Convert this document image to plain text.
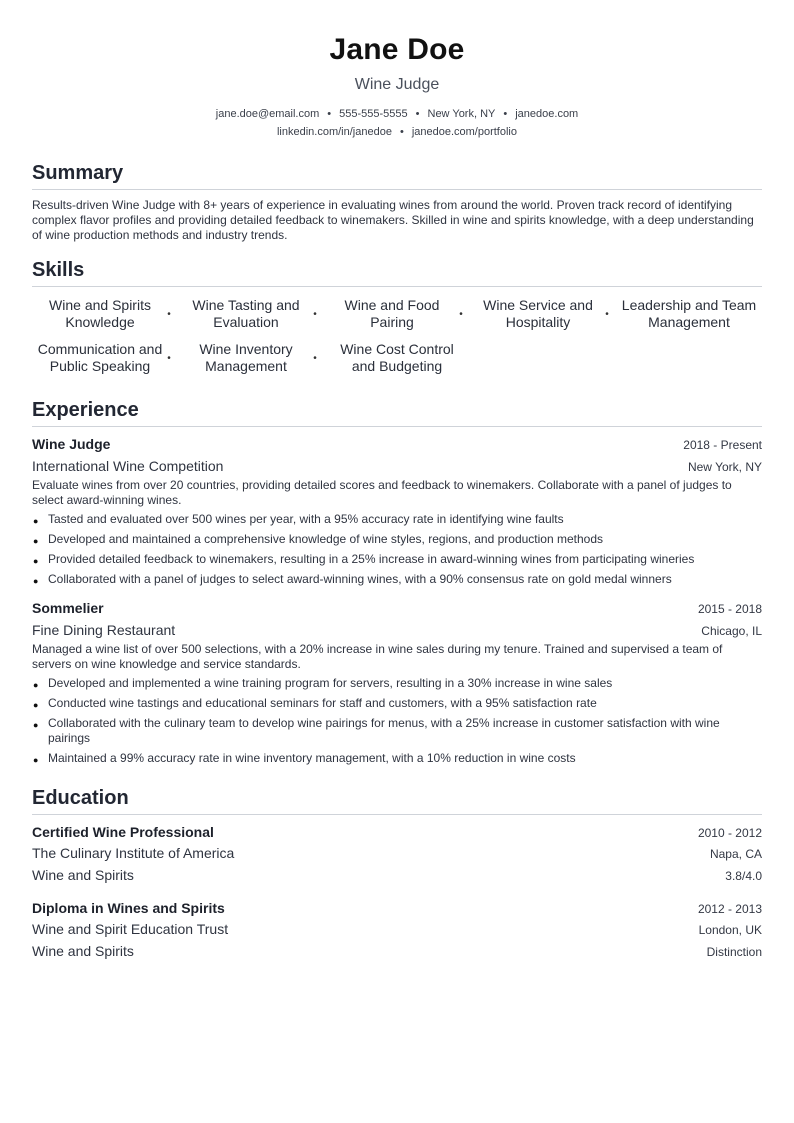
Jane Doe
Wine Judge
jane.doe@email.com • 555-555-5555 • New York, NY • janedoe.com
linkedin.com/in/janedoe • janedoe.com/portfolio
Summary
Results-driven Wine Judge with 8+ years of experience in evaluating wines from around the world. Proven track record of identifying complex flavor profiles and providing detailed feedback to winemakers. Skilled in wine and spirits knowledge, with a deep understanding of wine production methods and industry trends.
Skills
Wine and Spirits Knowledge	•
Wine Tasting and Evaluation	•
Wine and Food Pairing	•
Wine Service and Hospitality	•
Leadership and Team Management
Communication and Public Speaking	•
Wine Inventory Management	•
Wine Cost Control and Budgeting
Experience
Wine Judge	2018 - Present
International Wine Competition	New York, NY
Evaluate wines from over 20 countries, providing detailed scores and feedback to winemakers. Collaborate with a panel of judges to select award-winning wines.
● Tasted and evaluated over 500 wines per year, with a 95% accuracy rate in identifying wine faults
● Developed and maintained a comprehensive knowledge of wine styles, regions, and production methods
● Provided detailed feedback to winemakers, resulting in a 25% increase in award-winning wines from participating wineries
● Collaborated with a panel of judges to select award-winning wines, with a 90% consensus rate on gold medal winners
Sommelier	2015 - 2018
Fine Dining Restaurant	Chicago, IL
Managed a wine list of over 500 selections, with a 20% increase in wine sales during my tenure. Trained and supervised a team of servers on wine knowledge and service standards.
● Developed and implemented a wine training program for servers, resulting in a 30% increase in wine sales
● Conducted wine tastings and educational seminars for staff and customers, with a 95% satisfaction rate
● Collaborated with the culinary team to develop wine pairings for menus, with a 25% increase in customer satisfaction with wine pairings
● Maintained a 99% accuracy rate in wine inventory management, with a 10% reduction in wine costs
Education
Certified Wine Professional	2010 - 2012
The Culinary Institute of America	Napa, CA
Wine and Spirits	3.8/4.0
Diploma in Wines and Spirits	2012 - 2013
Wine and Spirit Education Trust	London, UK
Wine and Spirits	Distinction
